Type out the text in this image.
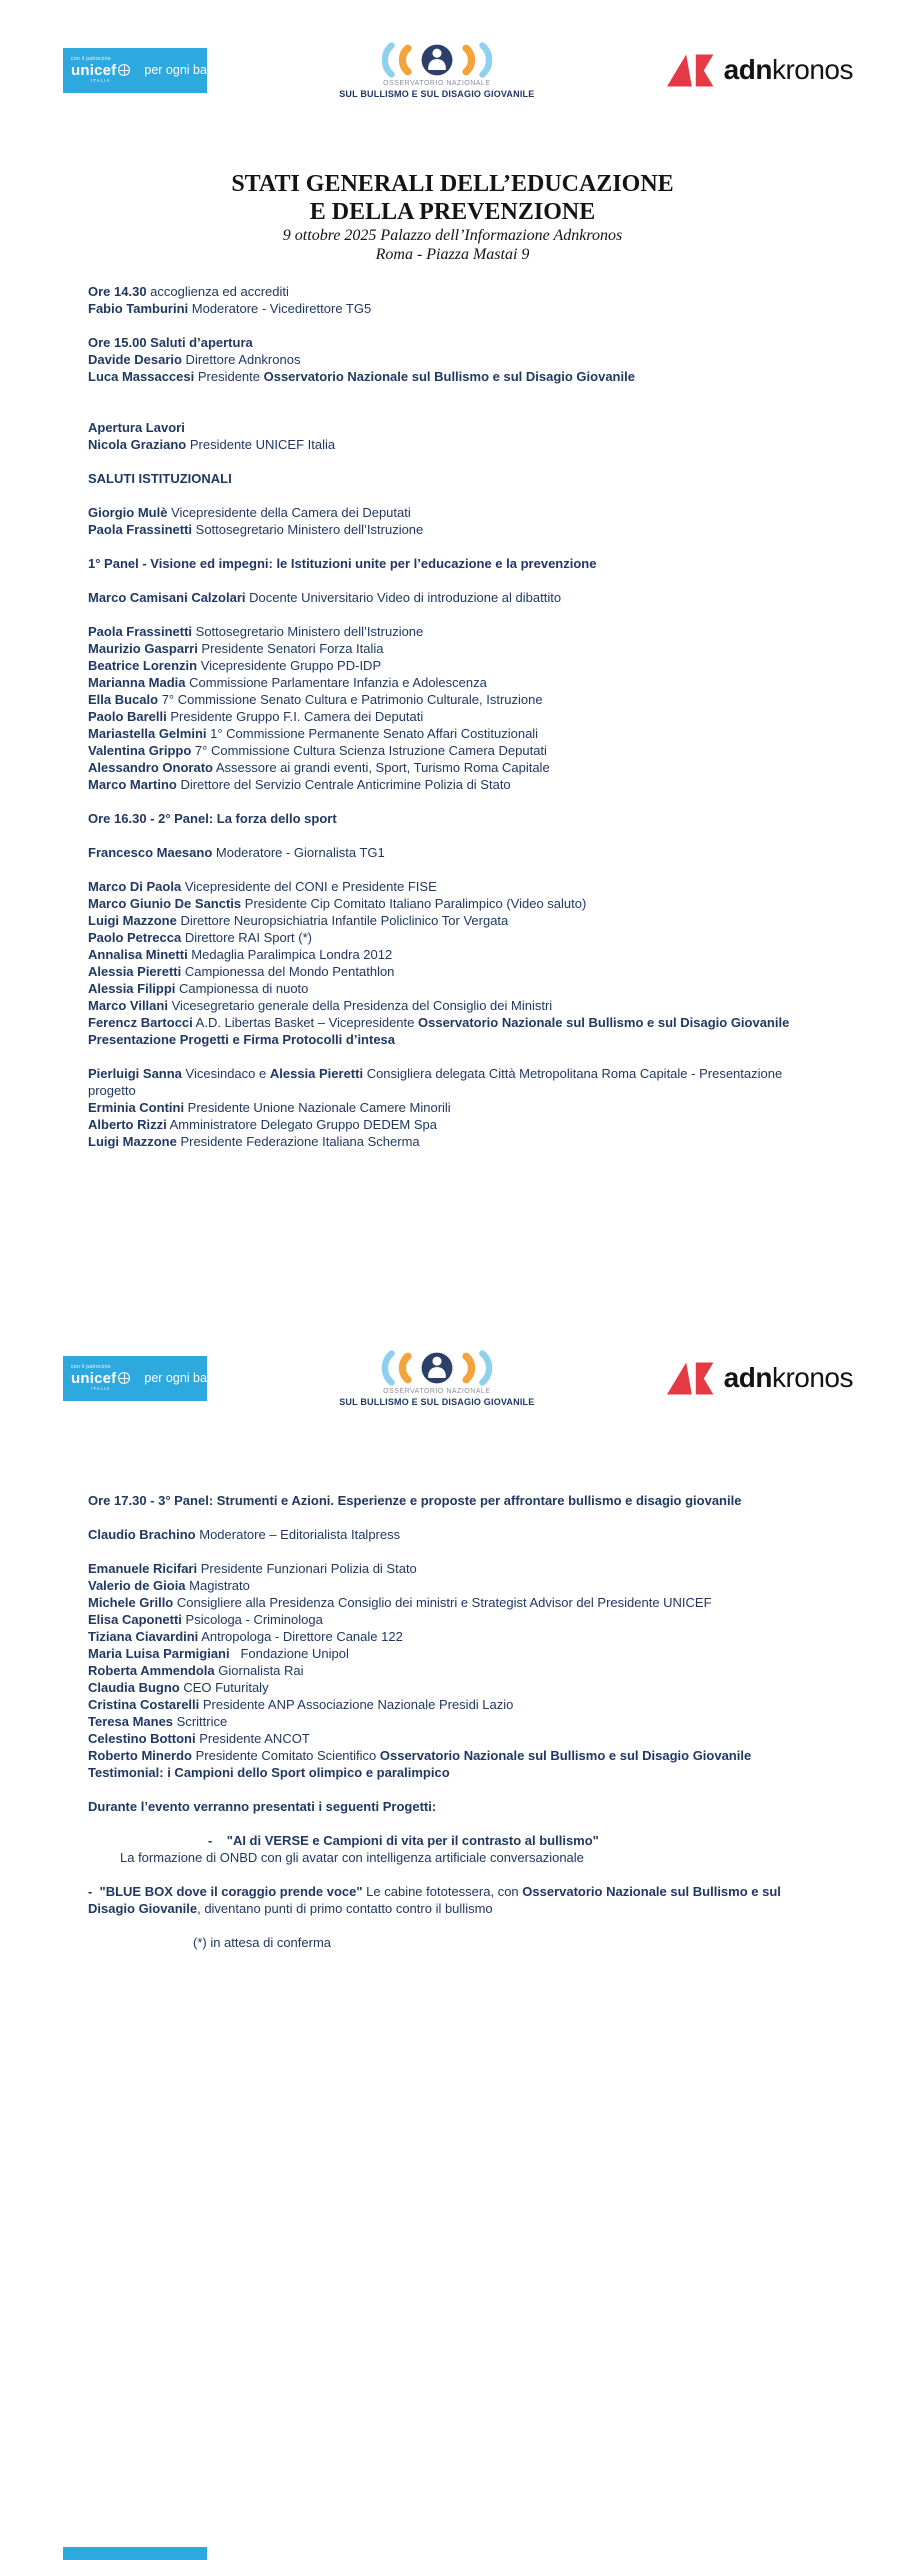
con il patrocinio
unicef
ITALIA
per ogni bambino
OSSERVATORIO NAZIONALE
SUL BULLISMO E SUL DISAGIO GIOVANILE
adnkronos
STATI GENERALI DELL’EDUCAZIONE
E DELLA PREVENZIONE
9 ottobre 2025 Palazzo dell’Informazione Adnkronos
Roma - Piazza Mastai 9
Ore 14.30 accoglienza ed accrediti
Fabio Tamburini Moderatore - Vicedirettore TG5

Ore 15.00 Saluti d’apertura
Davide Desario Direttore Adnkronos
Luca Massaccesi Presidente Osservatorio Nazionale sul Bullismo e sul Disagio Giovanile

Apertura Lavori
Nicola Graziano Presidente UNICEF Italia

SALUTI ISTITUZIONALI

Giorgio Mulè Vicepresidente della Camera dei Deputati
Paola Frassinetti Sottosegretario Ministero dell’Istruzione

1° Panel - Visione ed impegni: le Istituzioni unite per l’educazione e la prevenzione

Marco Camisani Calzolari Docente Universitario Video di introduzione al dibattito

Paola Frassinetti Sottosegretario Ministero dell’Istruzione
Maurizio Gasparri Presidente Senatori Forza Italia
Beatrice Lorenzin Vicepresidente Gruppo PD-IDP
Marianna Madia Commissione Parlamentare Infanzia e Adolescenza
Ella Bucalo 7° Commissione Senato Cultura e Patrimonio Culturale, Istruzione
Paolo Barelli Presidente Gruppo F.I. Camera dei Deputati
Mariastella Gelmini 1° Commissione Permanente Senato Affari Costituzionali
Valentina Grippo 7° Commissione Cultura Scienza Istruzione Camera Deputati
Alessandro Onorato Assessore ai grandi eventi, Sport, Turismo Roma Capitale
Marco Martino Direttore del Servizio Centrale Anticrimine Polizia di Stato

Ore 16.30 - 2° Panel: La forza dello sport

Francesco Maesano Moderatore - Giornalista TG1

Marco Di Paola Vicepresidente del CONI e Presidente FISE
Marco Giunio De Sanctis Presidente Cip Comitato Italiano Paralimpico (Video saluto)
Luigi Mazzone Direttore Neuropsichiatria Infantile Policlinico Tor Vergata
Paolo Petrecca Direttore RAI Sport (*)
Annalisa Minetti Medaglia Paralimpica Londra 2012
Alessia Pieretti Campionessa del Mondo Pentathlon
Alessia Filippi Campionessa di nuoto
Marco Villani Vicesegretario generale della Presidenza del Consiglio dei Ministri
Ferencz Bartocci A.D. Libertas Basket – Vicepresidente Osservatorio Nazionale sul Bullismo e sul Disagio Giovanile
Presentazione Progetti e Firma Protocolli d’intesa

Pierluigi Sanna Vicesindaco e Alessia Pieretti Consigliera delegata Città Metropolitana Roma Capitale - Presentazione progetto
Erminia Contini Presidente Unione Nazionale Camere Minorili
Alberto Rizzi Amministratore Delegato Gruppo DEDEM Spa
Luigi Mazzone Presidente Federazione Italiana Scherma
con il patrocinio
unicef
ITALIA
per ogni bambino
OSSERVATORIO NAZIONALE
SUL BULLISMO E SUL DISAGIO GIOVANILE
adnkronos
Ore 17.30 - 3° Panel: Strumenti e Azioni. Esperienze e proposte per affrontare bullismo e disagio giovanile

Claudio Brachino Moderatore – Editorialista Italpress

Emanuele Ricifari Presidente Funzionari Polizia di Stato
Valerio de Gioia Magistrato
Michele Grillo Consigliere alla Presidenza Consiglio dei ministri e Strategist Advisor del Presidente UNICEF
Elisa Caponetti Psicologa - Criminologa
Tiziana Ciavardini Antropologa - Direttore Canale 122
Maria Luisa Parmigiani   Fondazione Unipol
Roberta Ammendola Giornalista Rai
Claudia Bugno CEO Futuritaly
Cristina Costarelli Presidente ANP Associazione Nazionale Presidi Lazio
Teresa Manes Scrittrice
Celestino Bottoni Presidente ANCOT
Roberto Minerdo Presidente Comitato Scientifico Osservatorio Nazionale sul Bullismo e sul Disagio Giovanile
Testimonial: i Campioni dello Sport olimpico e paralimpico

Durante l’evento verranno presentati i seguenti Progetti:

-    "AI di VERSE e Campioni di vita per il contrasto al bullismo"
La formazione di ONBD con gli avatar con intelligenza artificiale conversazionale

-  "BLUE BOX dove il coraggio prende voce" Le cabine fototessera, con Osservatorio Nazionale sul Bullismo e sul Disagio Giovanile, diventano punti di primo contatto contro il bullismo

(*) in attesa di conferma
